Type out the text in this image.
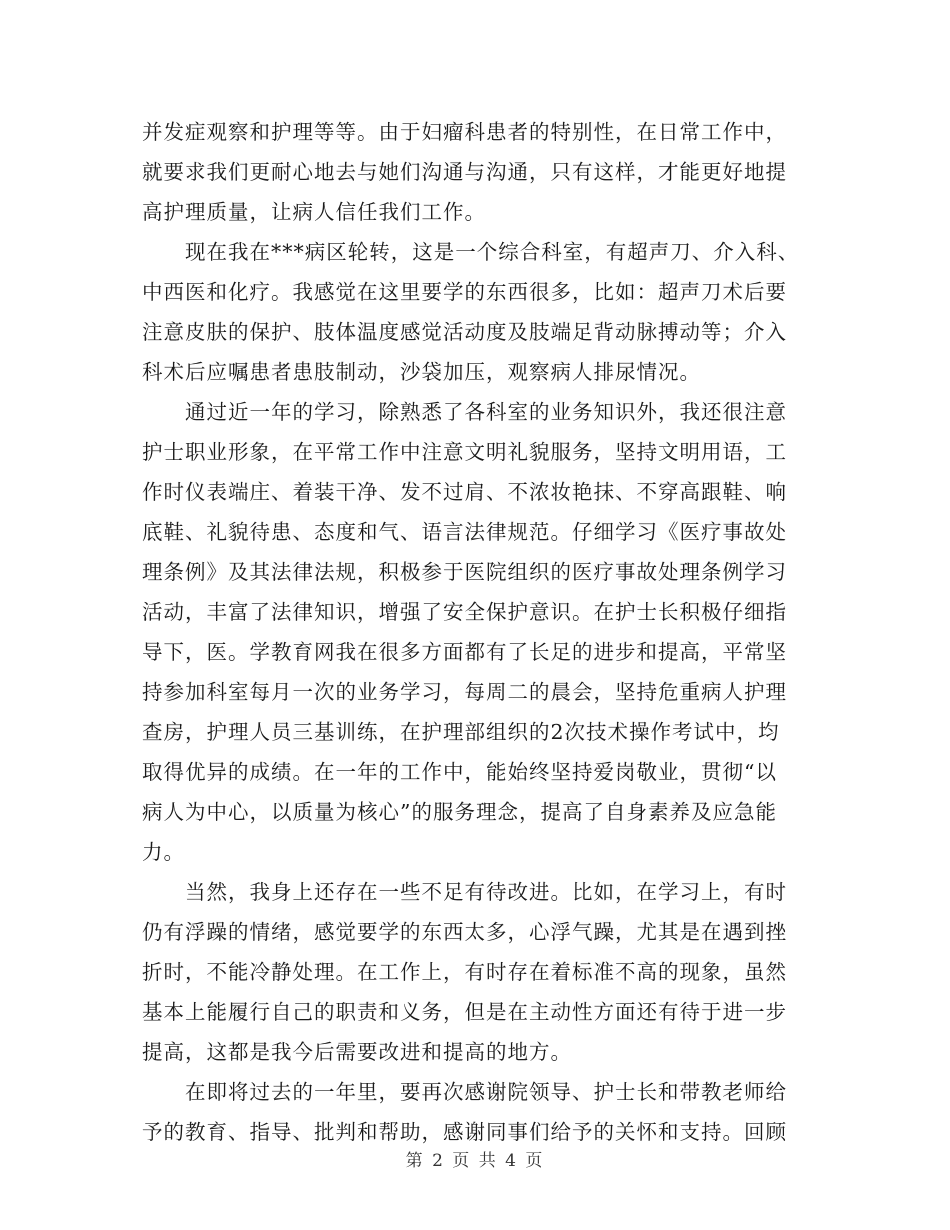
并发症观察和护理等等。由于妇瘤科患者的特别性，在日常工作中，
就要求我们更耐心地去与她们沟通与沟通，只有这样，才能更好地提
高护理质量，让病人信任我们工作。

　　现在我在***病区轮转，这是一个综合科室，有超声刀、介入科、
中西医和化疗。我感觉在这里要学的东西很多，比如：超声刀术后要
注意皮肤的保护、肢体温度感觉活动度及肢端足背动脉搏动等；介入
科术后应嘱患者患肢制动，沙袋加压，观察病人排尿情况。

　　通过近一年的学习，除熟悉了各科室的业务知识外，我还很注意
护士职业形象，在平常工作中注意文明礼貌服务，坚持文明用语，工
作时仪表端庄、着装干净、发不过肩、不浓妆艳抹、不穿高跟鞋、响
底鞋、礼貌待患、态度和气、语言法律规范。仔细学习《医疗事故处
理条例》及其法律法规，积极参于医院组织的医疗事故处理条例学习
活动，丰富了法律知识，增强了安全保护意识。在护士长积极仔细指
导下，医。学教育网我在很多方面都有了长足的进步和提高，平常坚
持参加科室每月一次的业务学习，每周二的晨会，坚持危重病人护理
查房，护理人员三基训练，在护理部组织的2次技术操作考试中，均
取得优异的成绩。在一年的工作中，能始终坚持爱岗敬业，贯彻“以
病人为中心，以质量为核心”的服务理念，提高了自身素养及应急能
力。

　　当然，我身上还存在一些不足有待改进。比如，在学习上，有时
仍有浮躁的情绪，感觉要学的东西太多，心浮气躁，尤其是在遇到挫
折时，不能冷静处理。在工作上，有时存在着标准不高的现象，虽然
基本上能履行自己的职责和义务，但是在主动性方面还有待于进一步
提高，这都是我今后需要改进和提高的地方。

　　在即将过去的一年里，要再次感谢院领导、护士长和带教老师给
予的教育、指导、批判和帮助，感谢同事们给予的关怀和支持。回顾

第 2 页 共 4 页
